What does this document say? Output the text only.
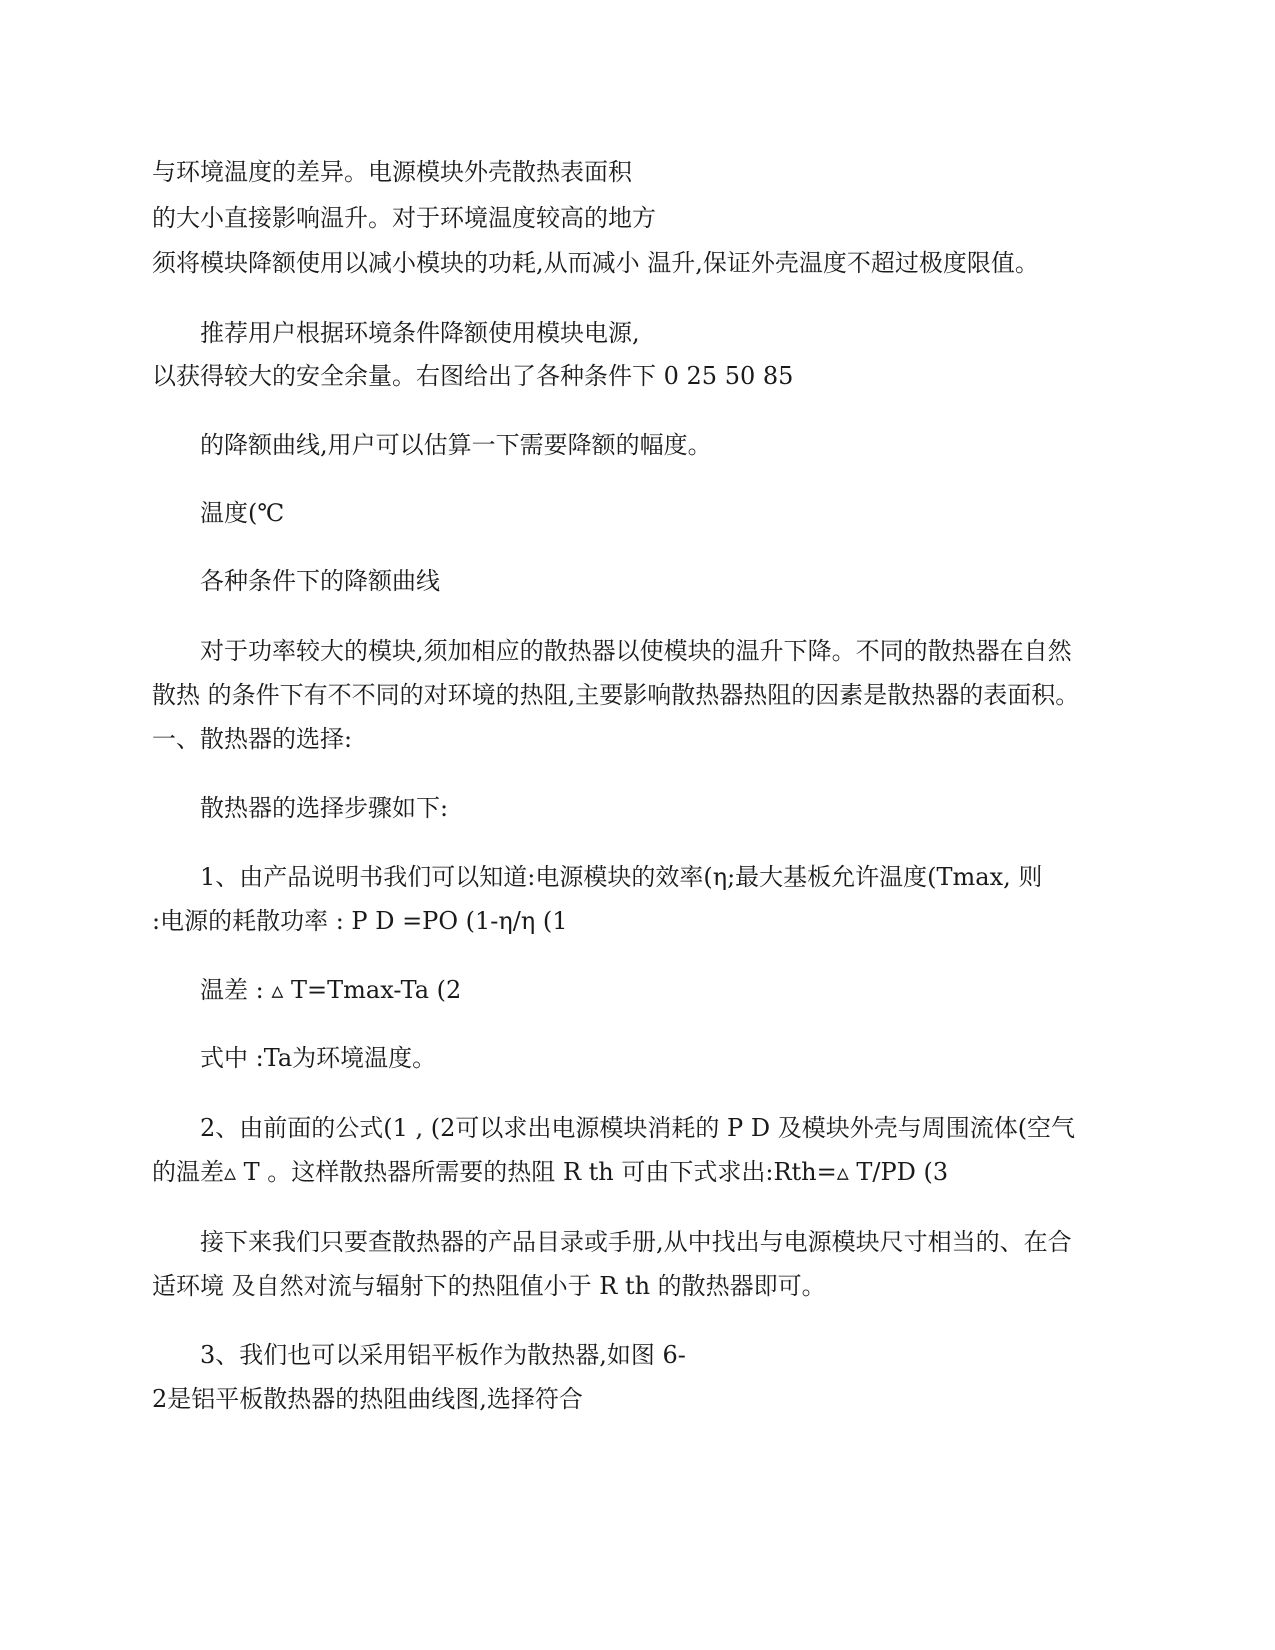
与环境温度的差异。电源模块外壳散热表面积
的大小直接影响温升。对于环境温度较高的地方
须将模块降额使用以减小模块的功耗,从而减小 温升,保证外壳温度不超过极度限值。
推荐用户根据环境条件降额使用模块电源,
以获得较大的安全余量。右图给出了各种条件下 0 25 50 85
的降额曲线,用户可以估算一下需要降额的幅度。
温度(℃
各种条件下的降额曲线
对于功率较大的模块,须加相应的散热器以使模块的温升下降。不同的散热器在自然
散热 的条件下有不不同的对环境的热阻,主要影响散热器热阻的因素是散热器的表面积。
一、散热器的选择:
散热器的选择步骤如下:
1、由产品说明书我们可以知道:电源模块的效率(η;最大基板允许温度(Tmax, 则
:电源的耗散功率 : P D =PO (1-η/η (1
温差 : ▵ T=Tmax-Ta (2
式中 :Ta为环境温度。
2、由前面的公式(1 , (2可以求出电源模块消耗的 P D 及模块外壳与周围流体(空气
的温差▵ T 。这样散热器所需要的热阻 R th 可由下式求出:Rth=▵ T/PD (3
接下来我们只要查散热器的产品目录或手册,从中找出与电源模块尺寸相当的、在合
适环境 及自然对流与辐射下的热阻值小于 R th 的散热器即可。
3、我们也可以采用铝平板作为散热器,如图 6-
2是铝平板散热器的热阻曲线图,选择符合
